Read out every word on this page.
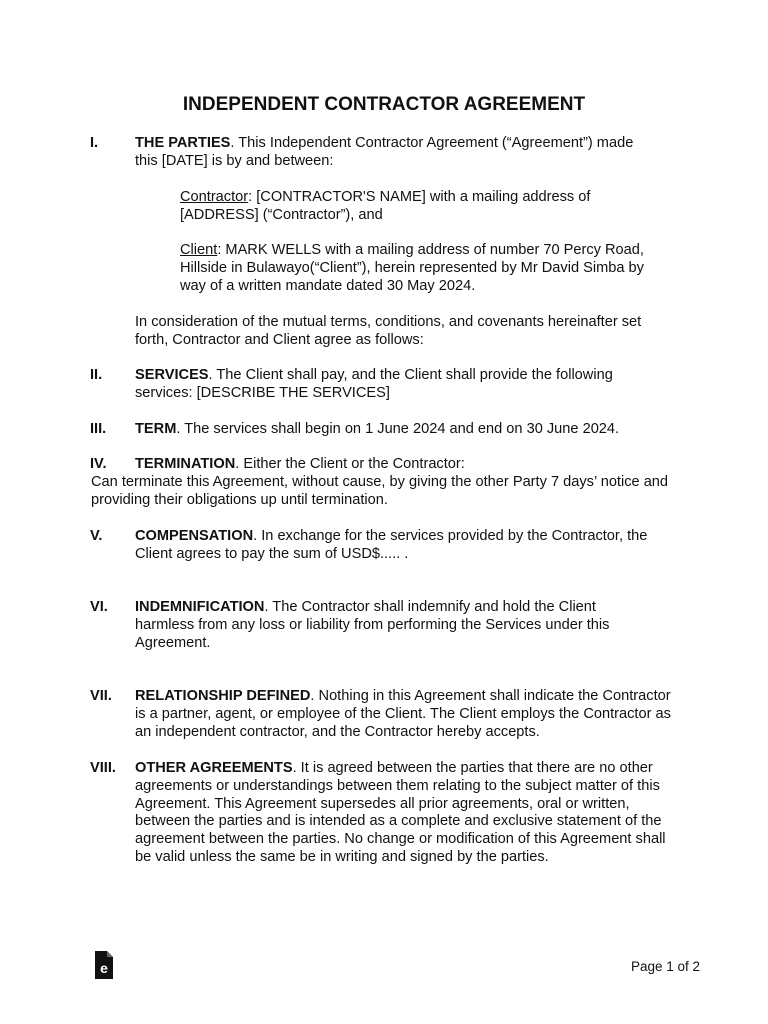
INDEPENDENT CONTRACTOR AGREEMENT
I.	THE PARTIES. This Independent Contractor Agreement (“Agreement”) made this [DATE] is by and between:
Contractor: [CONTRACTOR'S NAME] with a mailing address of [ADDRESS] (“Contractor”), and
Client: MARK WELLS with a mailing address of number 70 Percy Road, Hillside in Bulawayo(“Client”), herein represented by Mr David Simba by way of a written mandate dated 30 May 2024.
In consideration of the mutual terms, conditions, and covenants hereinafter set forth, Contractor and Client agree as follows:
II. SERVICES. The Client shall pay, and the Client shall provide the following services: [DESCRIBE THE SERVICES]
III. TERM. The services shall begin on 1 June 2024 and end on 30 June 2024.
IV. TERMINATION. Either the Client or the Contractor:
Can terminate this Agreement, without cause, by giving the other Party 7 days’ notice and providing their obligations up until termination.
V. COMPENSATION. In exchange for the services provided by the Contractor, the Client agrees to pay the sum of USD$..... .
VI. INDEMNIFICATION. The Contractor shall indemnify and hold the Client harmless from any loss or liability from performing the Services under this Agreement.
VII. RELATIONSHIP DEFINED. Nothing in this Agreement shall indicate the Contractor is a partner, agent, or employee of the Client. The Client employs the Contractor as an independent contractor, and the Contractor hereby accepts.
VIII. OTHER AGREEMENTS. It is agreed between the parties that there are no other agreements or understandings between them relating to the subject matter of this Agreement. This Agreement supersedes all prior agreements, oral or written, between the parties and is intended as a complete and exclusive statement of the agreement between the parties. No change or modification of this Agreement shall be valid unless the same be in writing and signed by the parties.
e	Page 1 of 2
